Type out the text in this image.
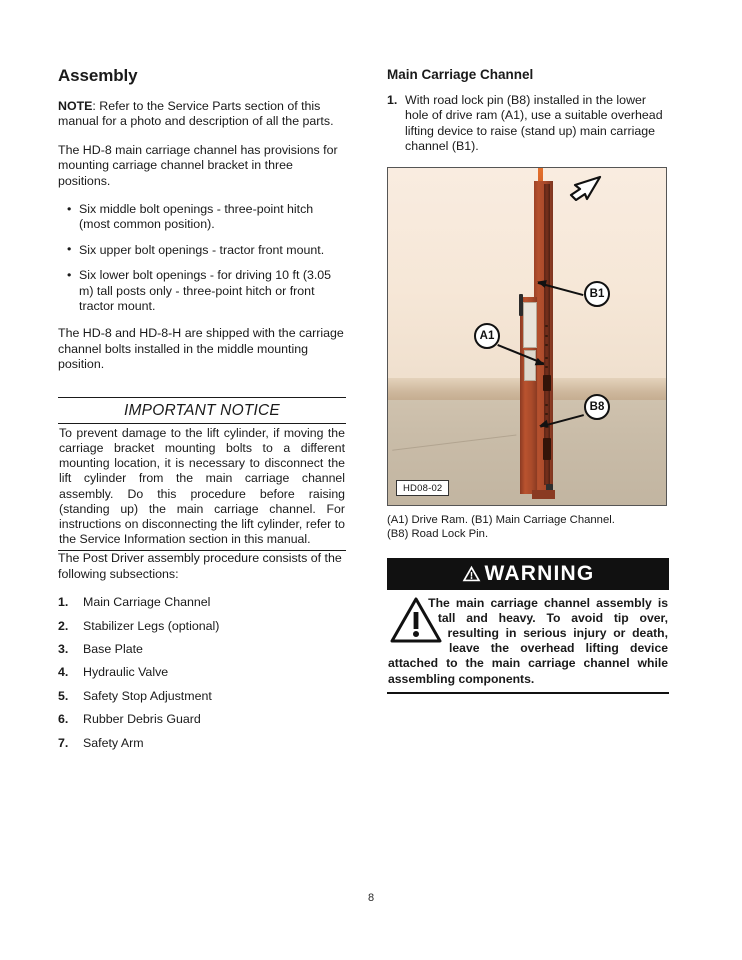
Assembly

NOTE: Refer to the Service Parts section of this manual for a photo and description of all the parts.

The HD-8 main carriage channel has provisions for mounting carriage channel bracket in three positions.

• Six middle bolt openings - three-point hitch (most common position).
• Six upper bolt openings - tractor front mount.
• Six lower bolt openings - for driving 10 ft (3.05 m) tall posts only - three-point hitch or front tractor mount.

The HD-8 and HD-8-H are shipped with the carriage channel bolts installed in the middle mounting position.

IMPORTANT NOTICE
To prevent damage to the lift cylinder, if moving the carriage bracket mounting bolts to a different mounting location, it is necessary to disconnect the lift cylinder from the main carriage channel assembly. Do this procedure before raising (standing up) the main carriage channel. For instructions on disconnecting the lift cylinder, refer to the Service Information section in this manual.

The Post Driver assembly procedure consists of the following subsections:

1. Main Carriage Channel
2. Stabilizer Legs (optional)
3. Base Plate
4. Hydraulic Valve
5. Safety Stop Adjustment
6. Rubber Debris Guard
7. Safety Arm
Main Carriage Channel
1. With road lock pin (B8) installed in the lower hole of drive ram (A1), use a suitable overhead lifting device to raise (stand up) main carriage channel (B1).
B1
A1
B8
HD08-02
(A1) Drive Ram. (B1) Main Carriage Channel.
(B8) Road Lock Pin.
WARNING
The main carriage channel assembly is tall and heavy. To avoid tip over, resulting in serious injury or death, leave the overhead lifting device attached to the main carriage channel while assembling components.
8
